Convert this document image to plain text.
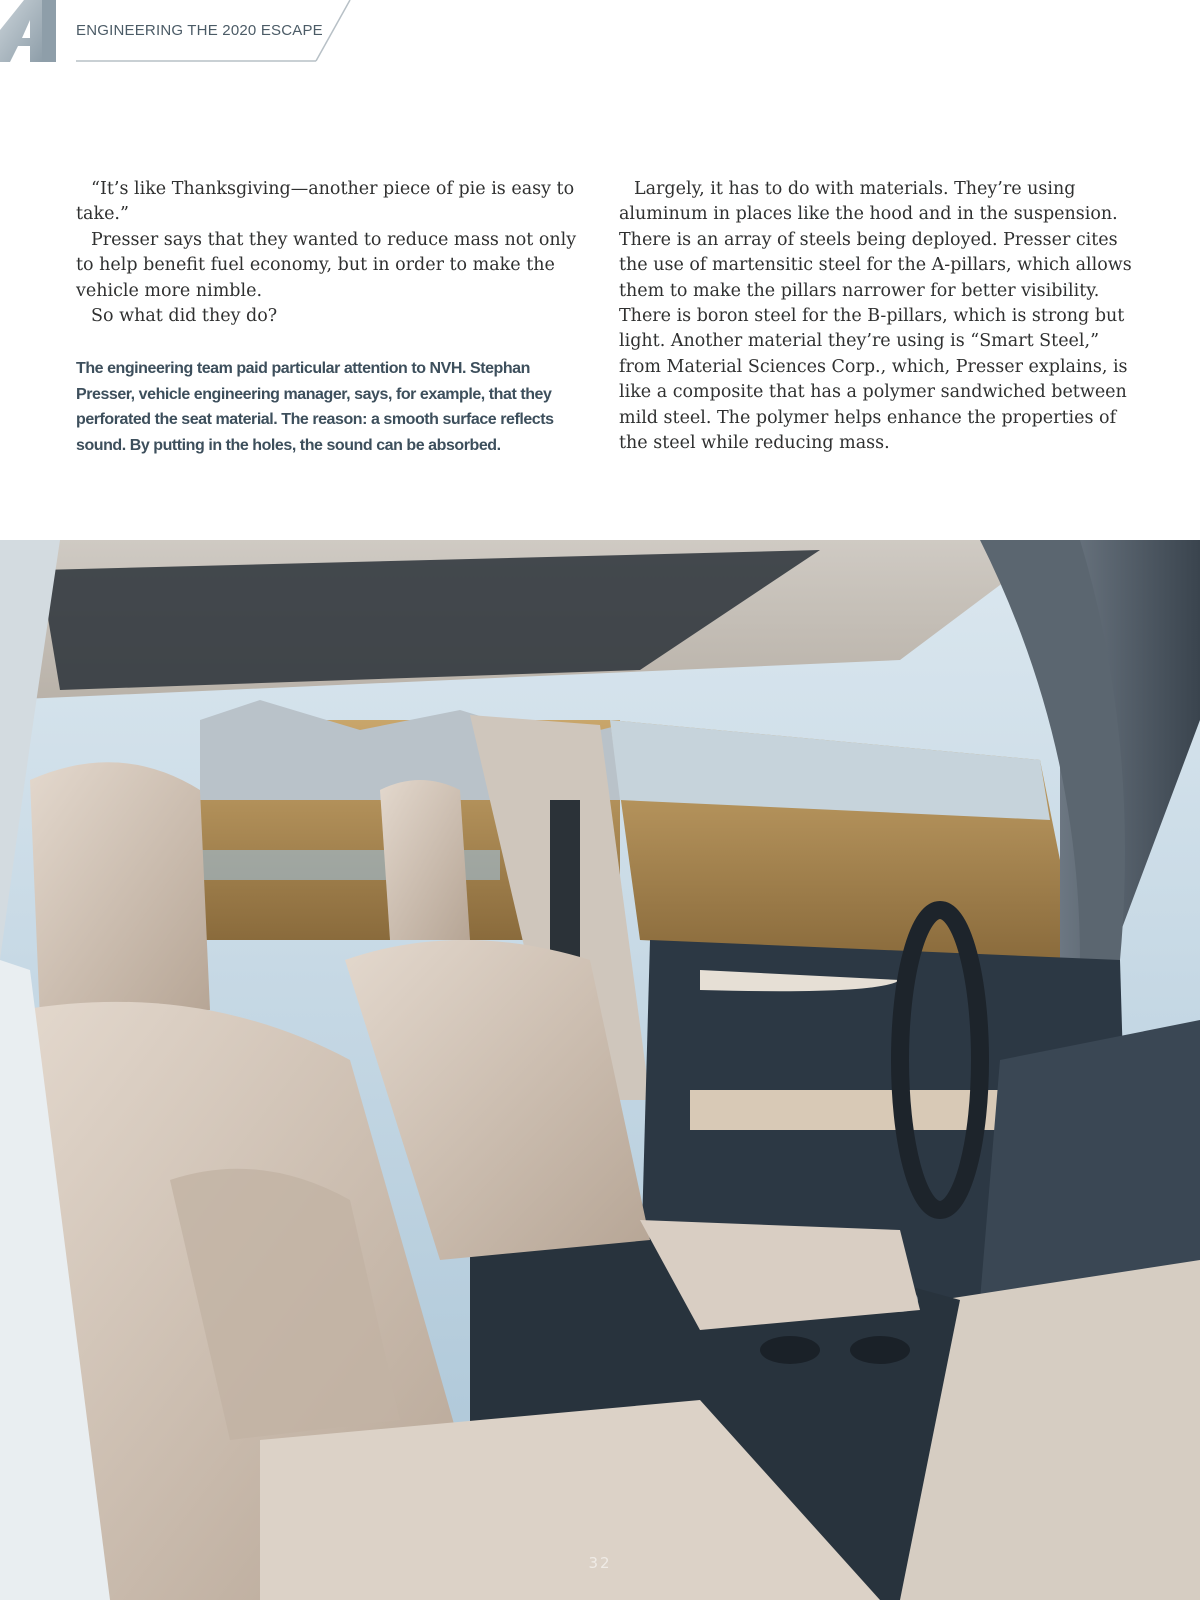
ENGINEERING THE 2020 ESCAPE

“It’s like Thanksgiving—another piece of pie is easy to take.”

Presser says that they wanted to reduce mass not only to help benefit fuel economy, but in order to make the vehicle more nimble.

So what did they do?

The engineering team paid particular attention to NVH. Stephan Presser, vehicle engineering manager, says, for example, that they perforated the seat material. The reason: a smooth surface reflects sound. By putting in the holes, the sound can be absorbed.

Largely, it has to do with materials. They’re using aluminum in places like the hood and in the suspension. There is an array of steels being deployed. Presser cites the use of martensitic steel for the A-pillars, which allows them to make the pillars narrower for better visibility. There is boron steel for the B-pillars, which is strong but light. Another material they’re using is “Smart Steel,” from Material Sciences Corp., which, Presser explains, is like a composite that has a polymer sandwiched between mild steel. The polymer helps enhance the properties of the steel while reducing mass.

32
